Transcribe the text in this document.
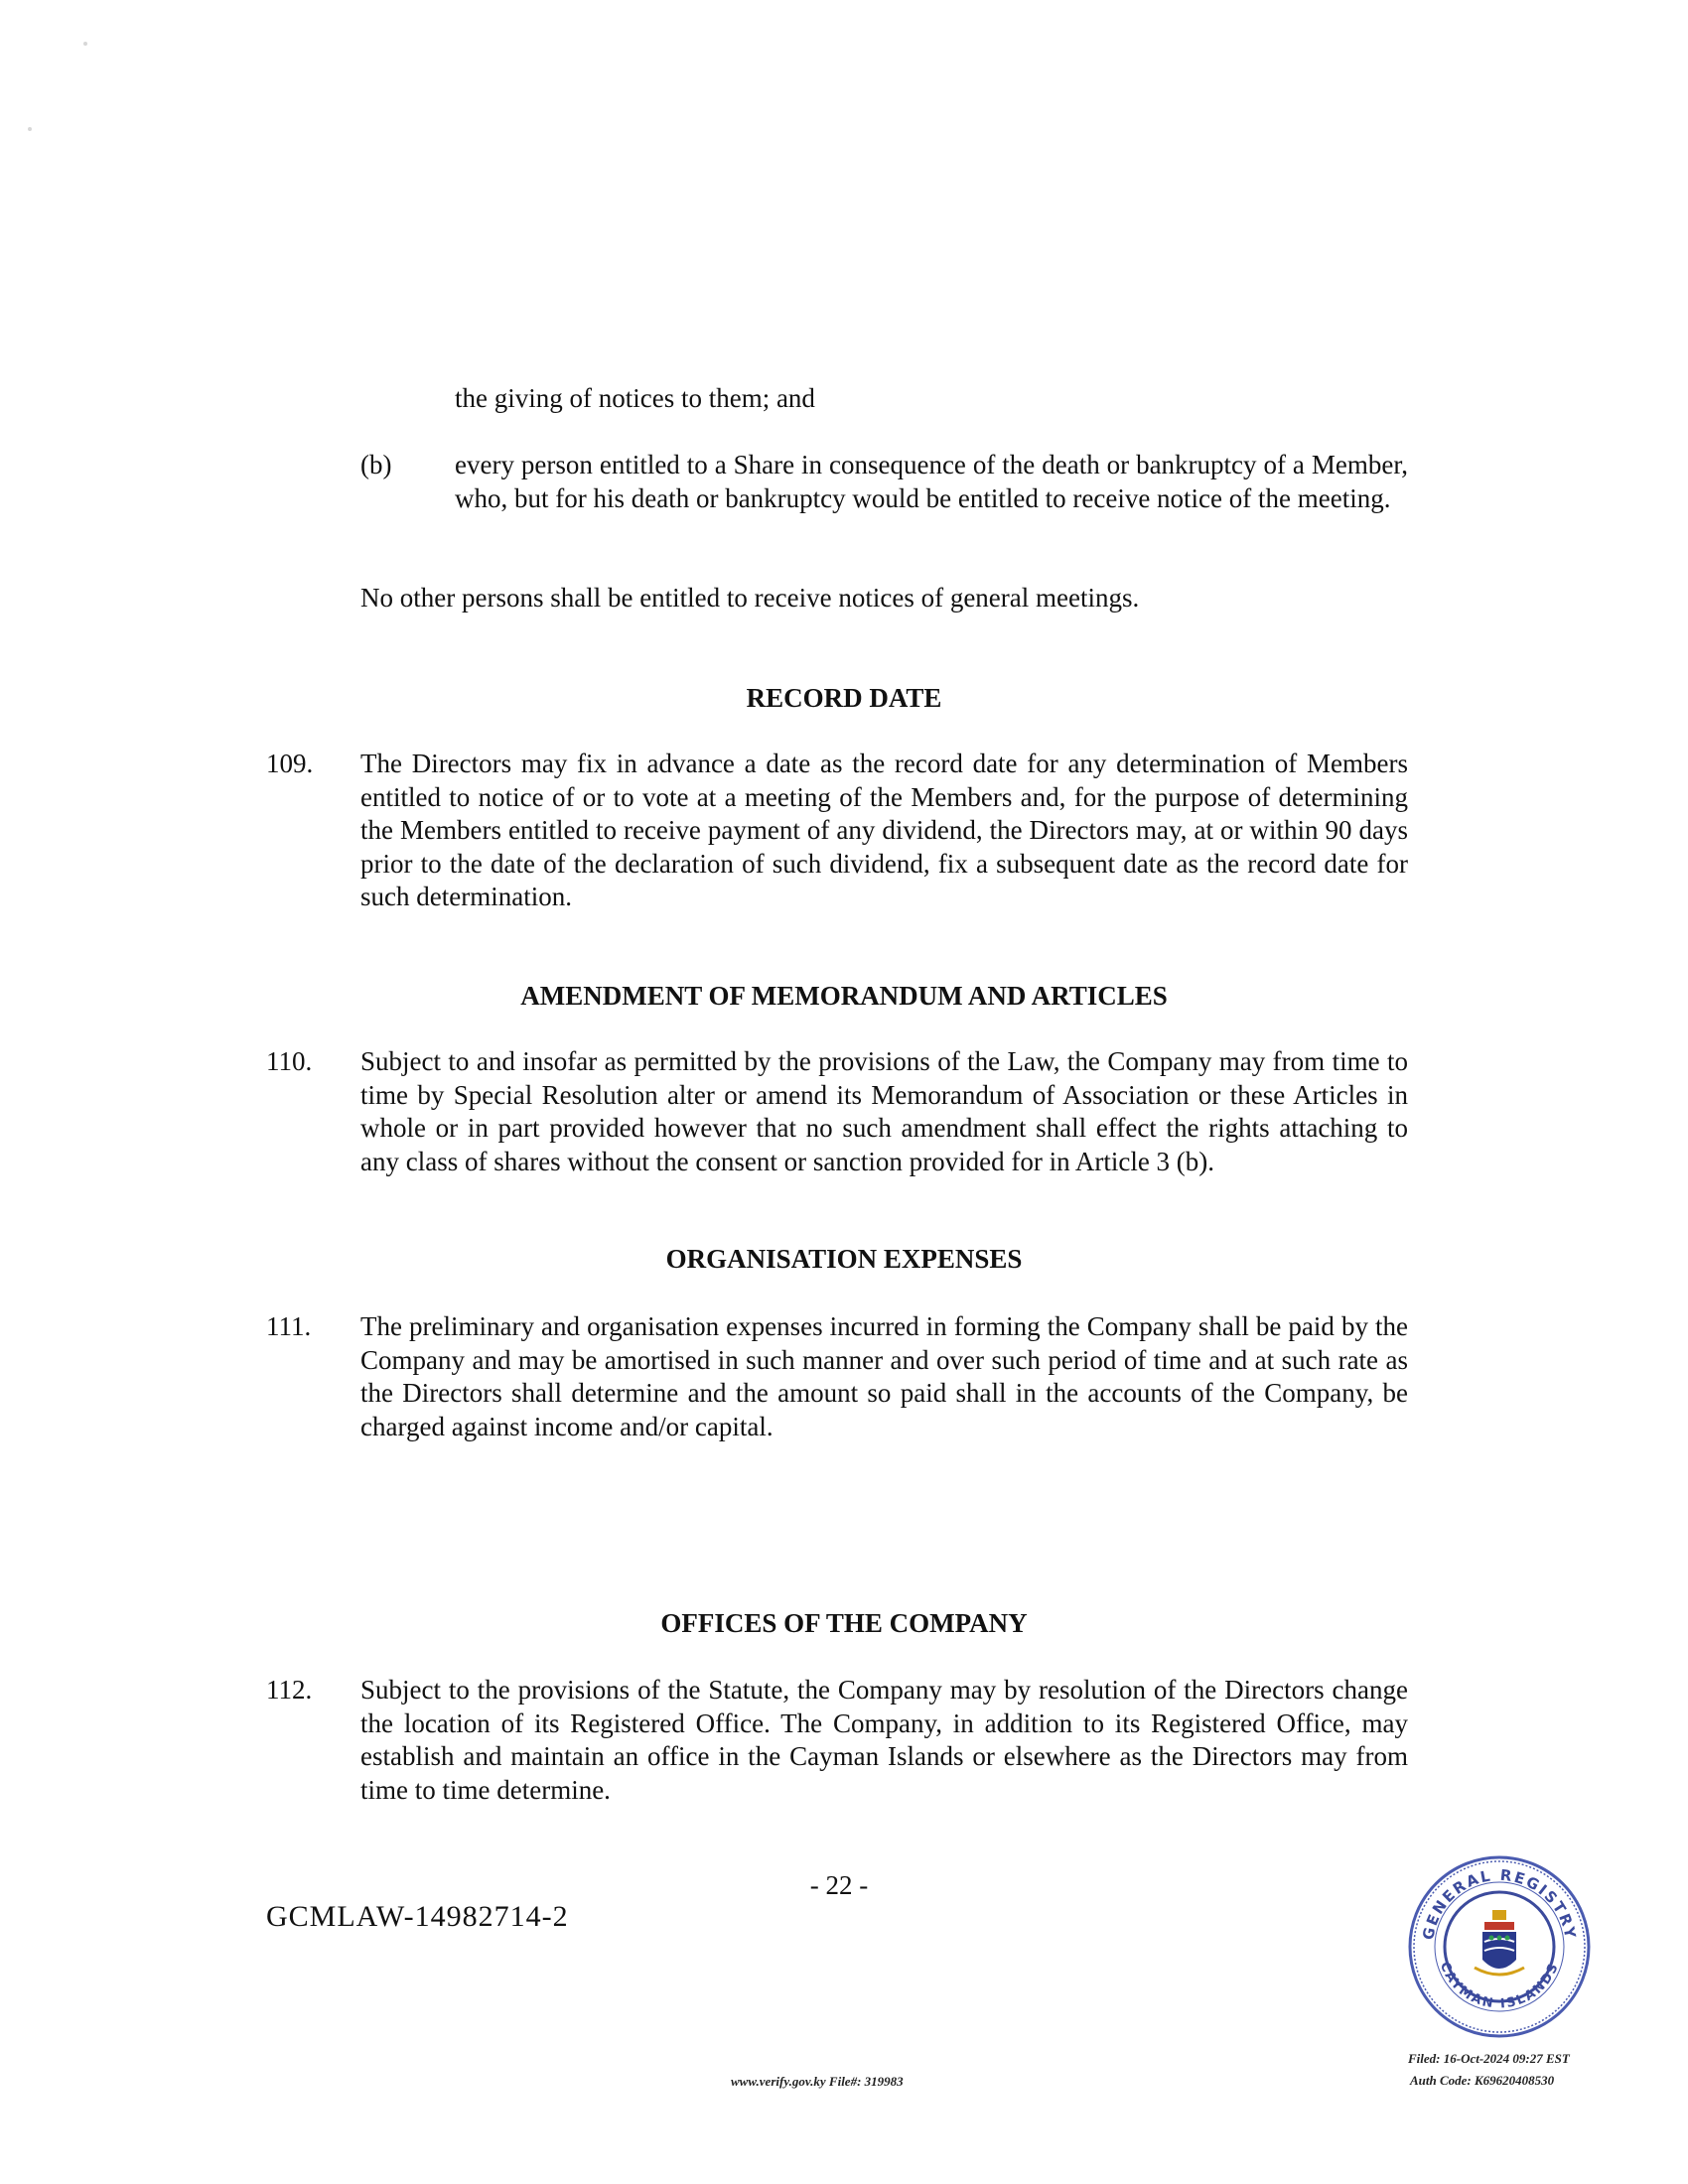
the giving of notices to them; and
(b) every person entitled to a Share in consequence of the death or bankruptcy of a Member, who, but for his death or bankruptcy would be entitled to receive notice of the meeting.
No other persons shall be entitled to receive notices of general meetings.
RECORD DATE
109. The Directors may fix in advance a date as the record date for any determination of Members entitled to notice of or to vote at a meeting of the Members and, for the purpose of determining the Members entitled to receive payment of any dividend, the Directors may, at or within 90 days prior to the date of the declaration of such dividend, fix a subsequent date as the record date for such determination.
AMENDMENT OF MEMORANDUM AND ARTICLES
110. Subject to and insofar as permitted by the provisions of the Law, the Company may from time to time by Special Resolution alter or amend its Memorandum of Association or these Articles in whole or in part provided however that no such amendment shall effect the rights attaching to any class of shares without the consent or sanction provided for in Article 3 (b).
ORGANISATION EXPENSES
111. The preliminary and organisation expenses incurred in forming the Company shall be paid by the Company and may be amortised in such manner and over such period of time and at such rate as the Directors shall determine and the amount so paid shall in the accounts of the Company, be charged against income and/or capital.
OFFICES OF THE COMPANY
112. Subject to the provisions of the Statute, the Company may by resolution of the Directors change the location of its Registered Office. The Company, in addition to its Registered Office, may establish and maintain an office in the Cayman Islands or elsewhere as the Directors may from time to time determine.
- 22 -
GCMLAW-14982714-2	GENERAL REGISTRY
CAYMAN ISLANDS
www.verify.gov.ky File#: 319983
Filed: 16-Oct-2024 09:27 EST
Auth Code: K69620408530
